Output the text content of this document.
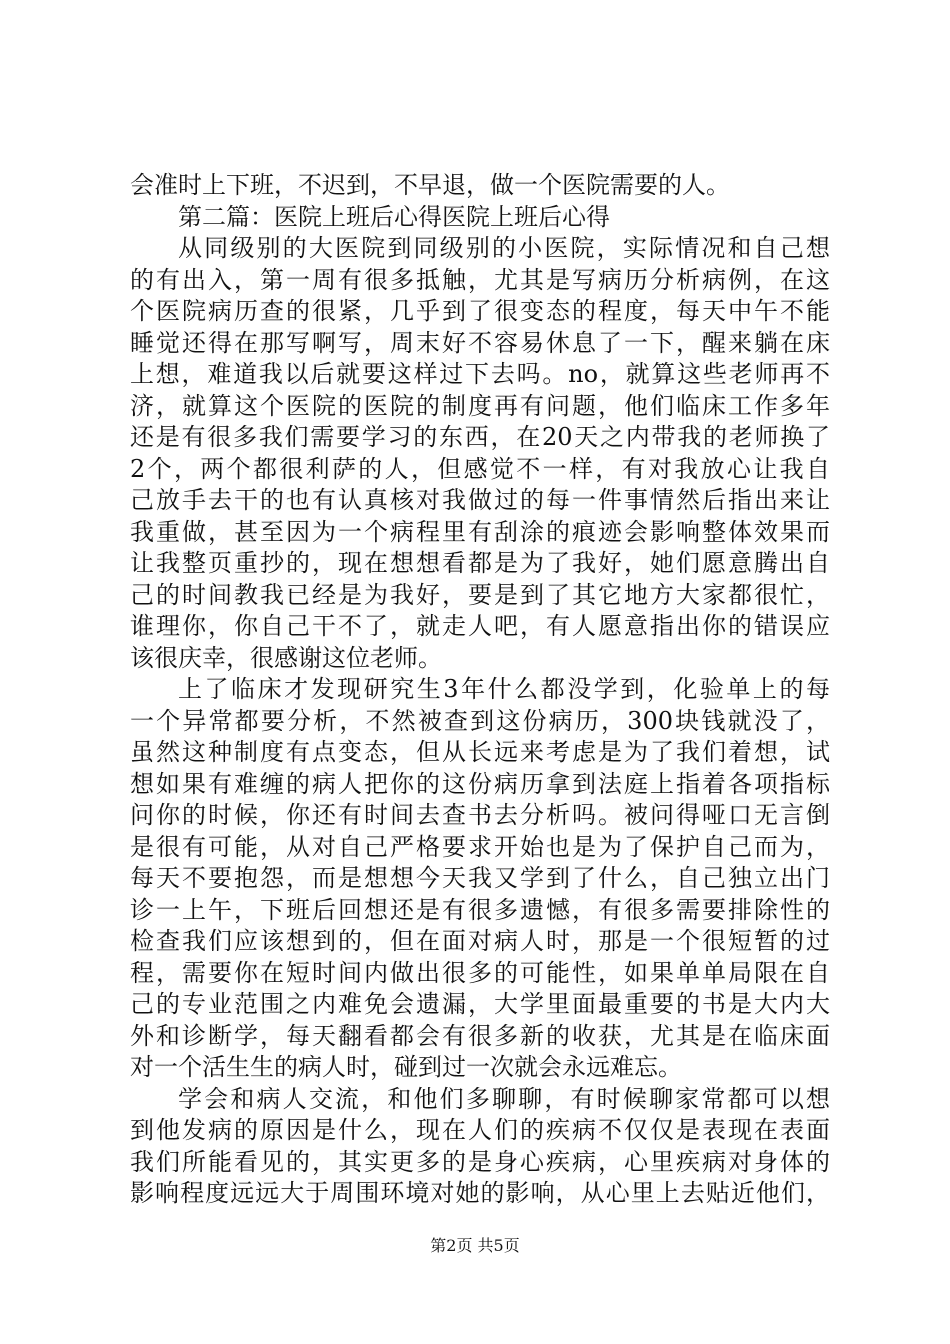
会准时上下班，不迟到，不早退，做一个医院需要的人。
第二篇：医院上班后心得医院上班后心得
从同级别的大医院到同级别的小医院，实际情况和自己想
的有出入，第一周有很多抵触，尤其是写病历分析病例，在这
个医院病历查的很紧，几乎到了很变态的程度，每天中午不能
睡觉还得在那写啊写，周末好不容易休息了一下，醒来躺在床
上想，难道我以后就要这样过下去吗。no，就算这些老师再不
济，就算这个医院的医院的制度再有问题，他们临床工作多年
还是有很多我们需要学习的东西，在20天之内带我的老师换了
2个，两个都很利萨的人，但感觉不一样，有对我放心让我自
己放手去干的也有认真核对我做过的每一件事情然后指出来让
我重做，甚至因为一个病程里有刮涂的痕迹会影响整体效果而
让我整页重抄的，现在想想看都是为了我好，她们愿意腾出自
己的时间教我已经是为我好，要是到了其它地方大家都很忙，
谁理你，你自己干不了，就走人吧，有人愿意指出你的错误应
该很庆幸，很感谢这位老师。
上了临床才发现研究生3年什么都没学到，化验单上的每
一个异常都要分析，不然被查到这份病历，300块钱就没了，
虽然这种制度有点变态，但从长远来考虑是为了我们着想，试
想如果有难缠的病人把你的这份病历拿到法庭上指着各项指标
问你的时候，你还有时间去查书去分析吗。被问得哑口无言倒
是很有可能，从对自己严格要求开始也是为了保护自己而为，
每天不要抱怨，而是想想今天我又学到了什么，自己独立出门
诊一上午，下班后回想还是有很多遗憾，有很多需要排除性的
检查我们应该想到的，但在面对病人时，那是一个很短暂的过
程，需要你在短时间内做出很多的可能性，如果单单局限在自
己的专业范围之内难免会遗漏，大学里面最重要的书是大内大
外和诊断学，每天翻看都会有很多新的收获，尤其是在临床面
对一个活生生的病人时，碰到过一次就会永远难忘。
学会和病人交流，和他们多聊聊，有时候聊家常都可以想
到他发病的原因是什么，现在人们的疾病不仅仅是表现在表面
我们所能看见的，其实更多的是身心疾病，心里疾病对身体的
影响程度远远大于周围环境对她的影响，从心里上去贴近他们，
第2页 共5页
